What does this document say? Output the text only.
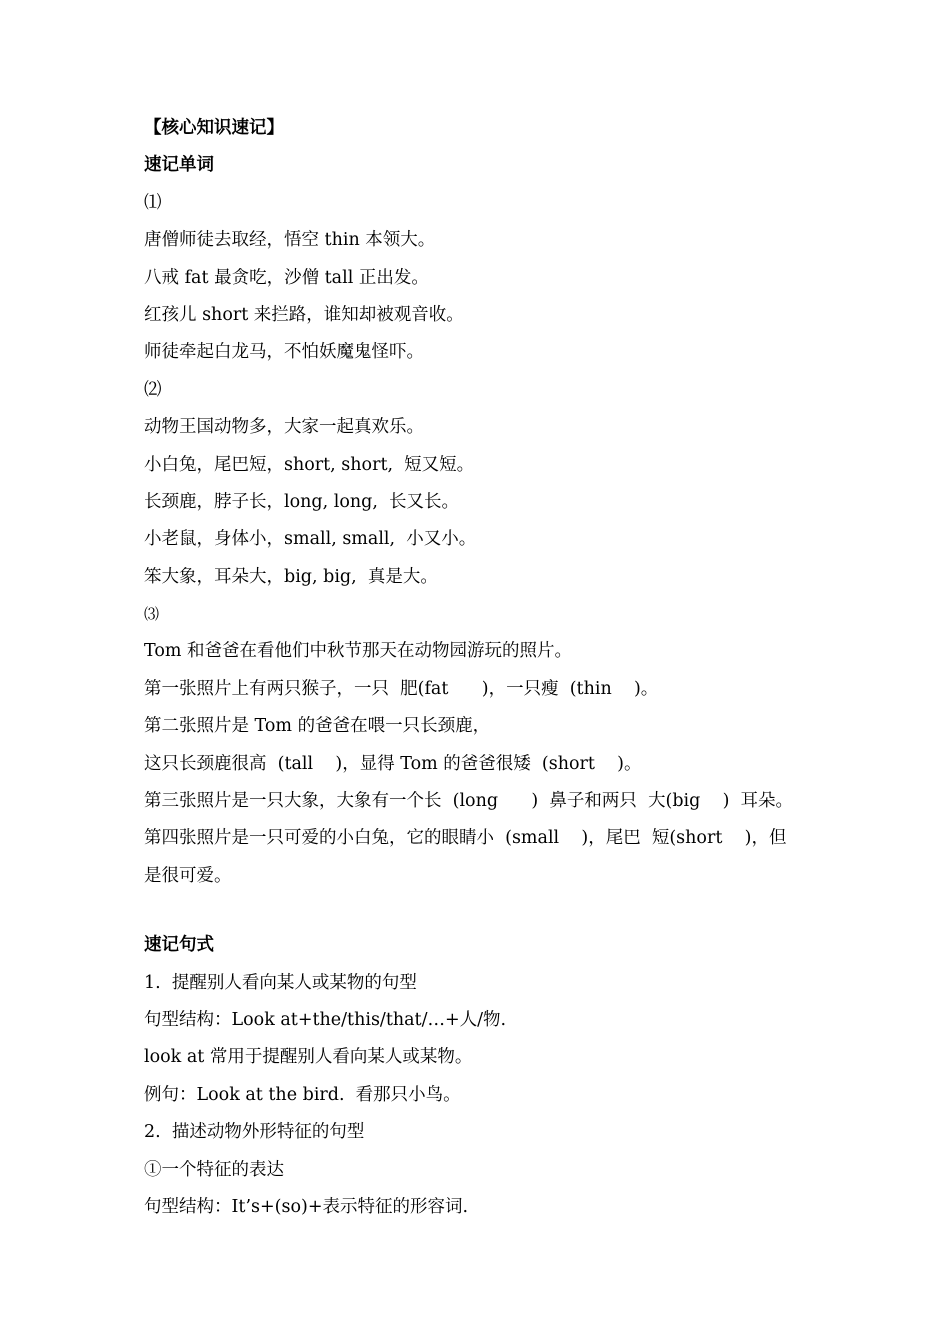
【核心知识速记】
速记单词
⑴
唐僧师徒去取经，悟空 thin 本领大。
八戒 fat 最贪吃，沙僧 tall 正出发。
红孩儿 short 来拦路，谁知却被观音收。
师徒牵起白龙马，不怕妖魔鬼怪吓。
⑵
动物王国动物多，大家一起真欢乐。
小白兔，尾巴短，short, short,  短又短。
长颈鹿，脖子长，long, long,  长又长。
小老鼠，身体小，small, small,  小又小。
笨大象，耳朵大，big, big,  真是大。
⑶
Tom 和爸爸在看他们中秋节那天在动物园游玩的照片。
第一张照片上有两只猴子，一只  肥(fat      )，一只瘦  (thin    )。
第二张照片是 Tom 的爸爸在喂一只长颈鹿，
这只长颈鹿很高  (tall    )，显得 Tom 的爸爸很矮  (short    )。
第三张照片是一只大象，大象有一个长  (long      )  鼻子和两只  大(big    )  耳朵。
第四张照片是一只可爱的小白兔，它的眼睛小  (small    )，尾巴  短(short    )，但
是很可爱。
速记句式
1.  提醒别人看向某人或某物的句型
句型结构：Look at+the/this/that/…+人/物.
look at 常用于提醒别人看向某人或某物。
例句：Look at the bird.  看那只小鸟。
2.  描述动物外形特征的句型
①一个特征的表达
句型结构：It’s+(so)+表示特征的形容词.
